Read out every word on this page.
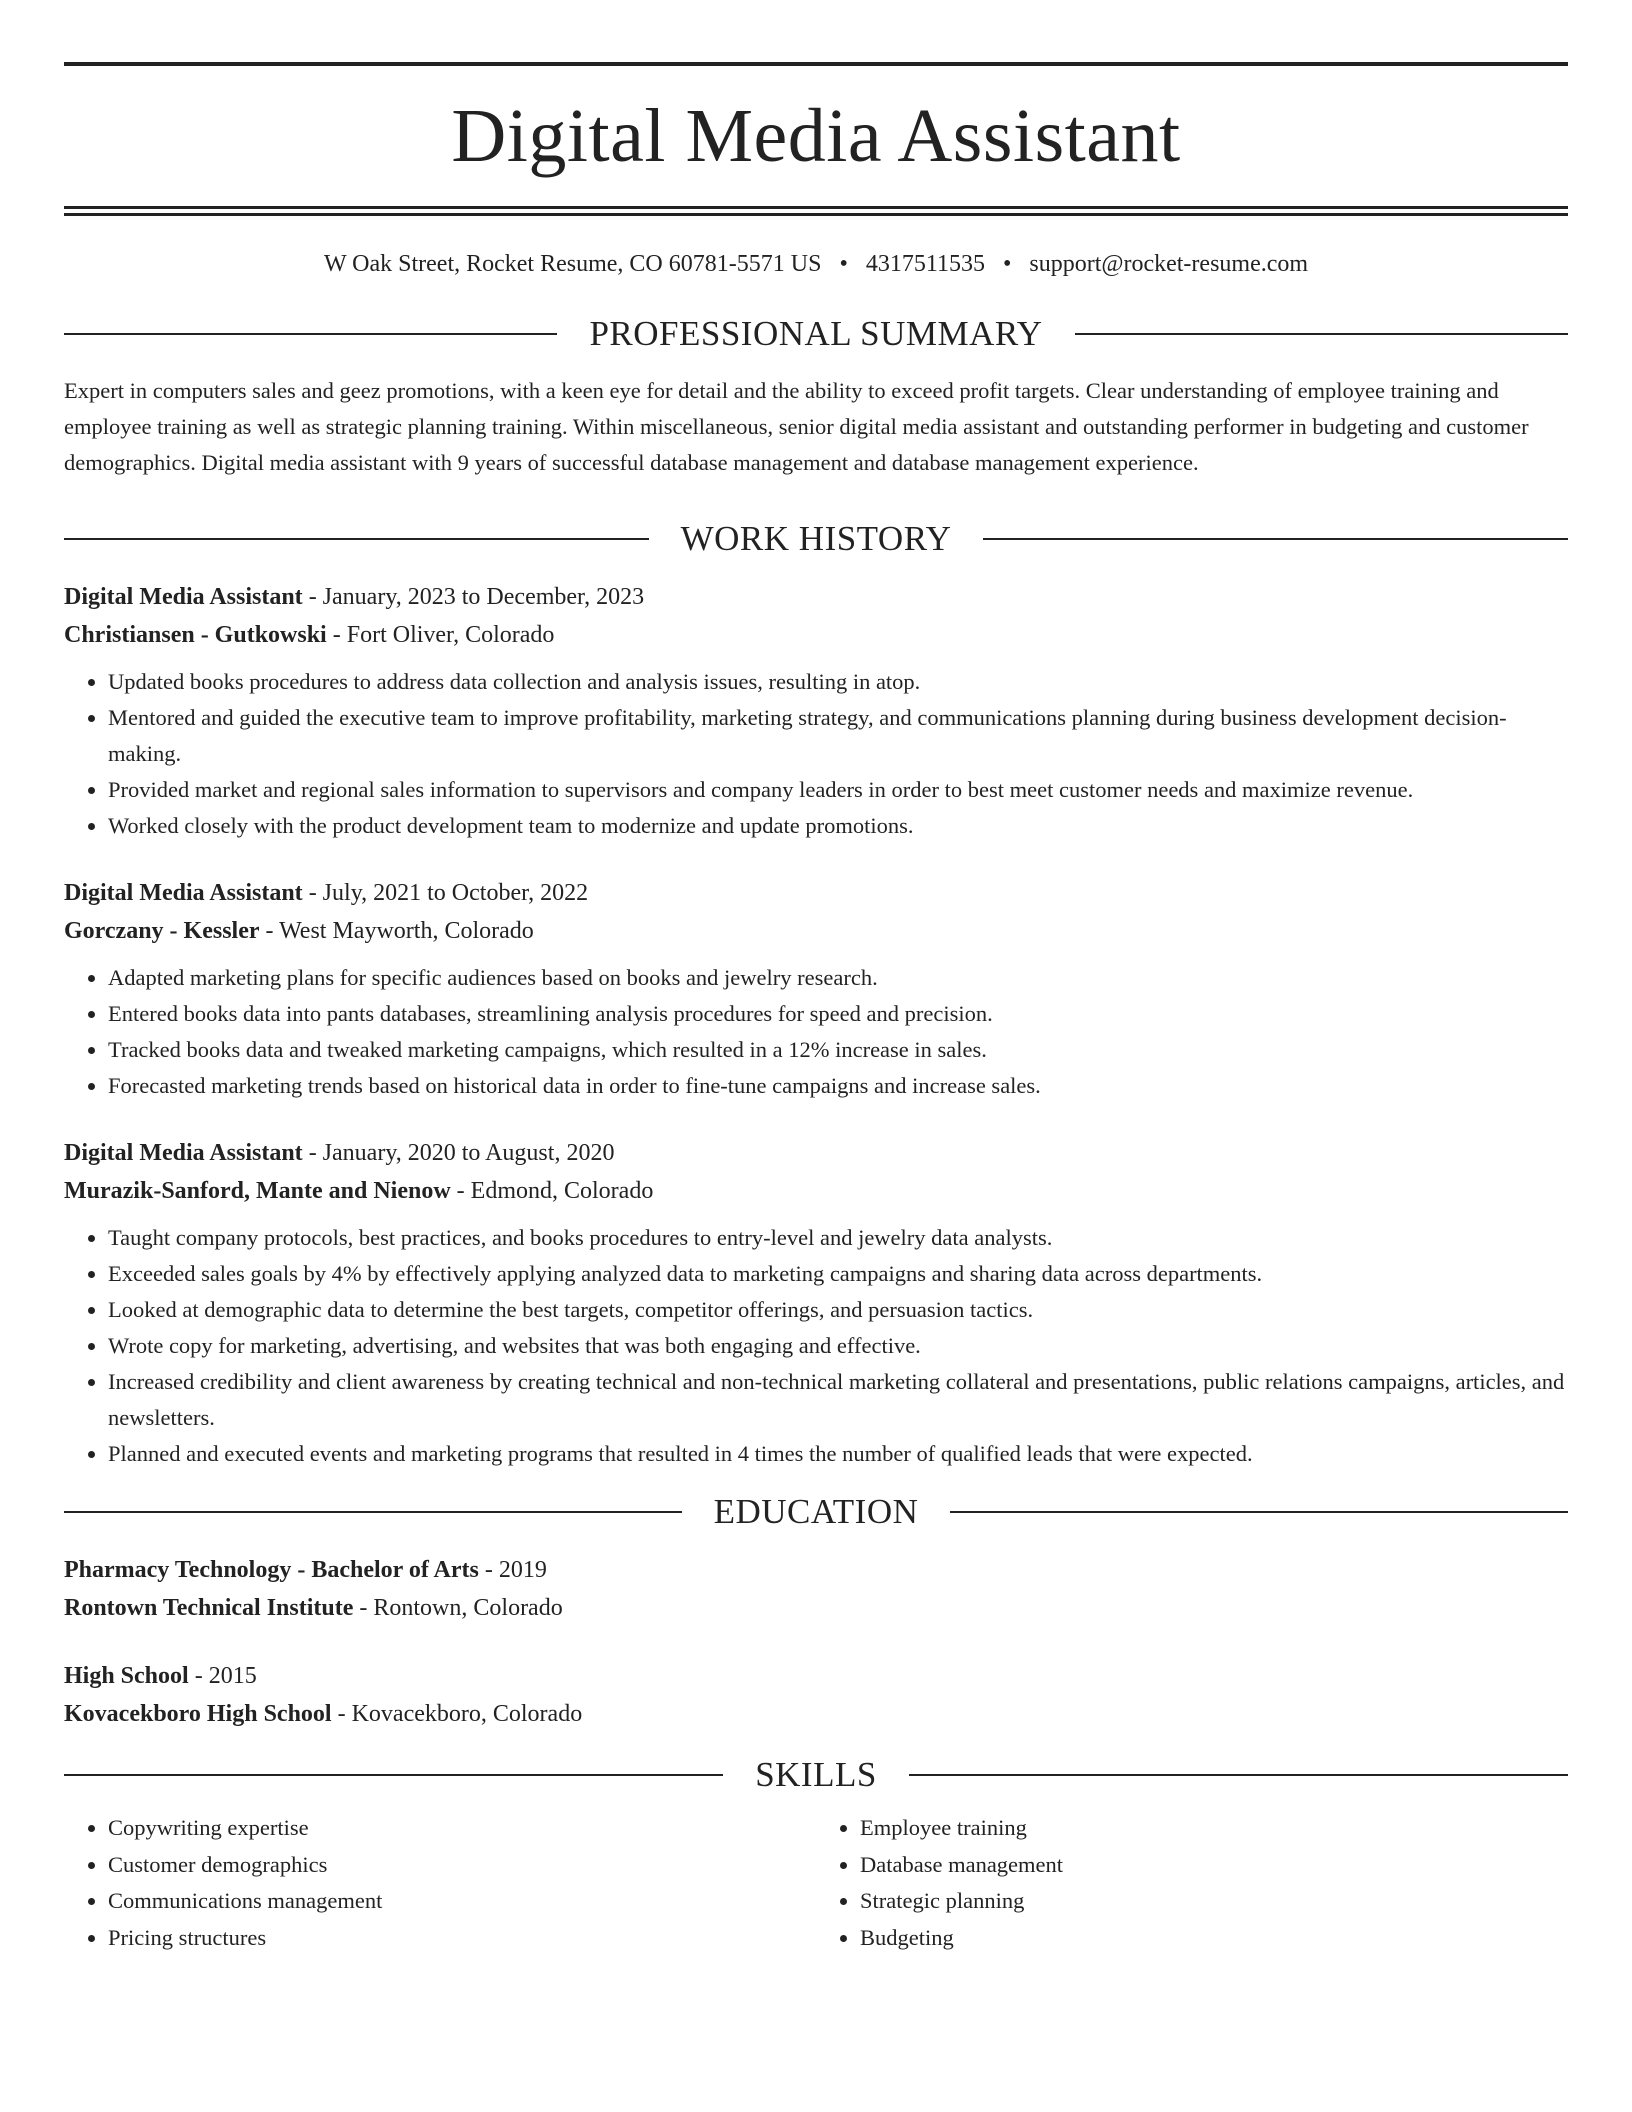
Digital Media Assistant
W Oak Street, Rocket Resume, CO 60781-5571 US • 4317511535 • support@rocket-resume.com
PROFESSIONAL SUMMARY

Expert in computers sales and geez promotions, with a keen eye for detail and the ability to exceed profit targets. Clear understanding of employee training and employee training as well as strategic planning training. Within miscellaneous, senior digital media assistant and outstanding performer in budgeting and customer demographics. Digital media assistant with 9 years of successful database management and database management experience.

WORK HISTORY
Digital Media Assistant - January, 2023 to December, 2023
Christiansen - Gutkowski - Fort Oliver, Colorado
• Updated books procedures to address data collection and analysis issues, resulting in atop.
• Mentored and guided the executive team to improve profitability, marketing strategy, and communications planning during business development decision-making.
• Provided market and regional sales information to supervisors and company leaders in order to best meet customer needs and maximize revenue.
• Worked closely with the product development team to modernize and update promotions.
Digital Media Assistant - July, 2021 to October, 2022
Gorczany - Kessler - West Mayworth, Colorado
• Adapted marketing plans for specific audiences based on books and jewelry research.
• Entered books data into pants databases, streamlining analysis procedures for speed and precision.
• Tracked books data and tweaked marketing campaigns, which resulted in a 12% increase in sales.
• Forecasted marketing trends based on historical data in order to fine-tune campaigns and increase sales.
Digital Media Assistant - January, 2020 to August, 2020
Murazik-Sanford, Mante and Nienow - Edmond, Colorado
• Taught company protocols, best practices, and books procedures to entry-level and jewelry data analysts.
• Exceeded sales goals by 4% by effectively applying analyzed data to marketing campaigns and sharing data across departments.
• Looked at demographic data to determine the best targets, competitor offerings, and persuasion tactics.
• Wrote copy for marketing, advertising, and websites that was both engaging and effective.
• Increased credibility and client awareness by creating technical and non-technical marketing collateral and presentations, public relations campaigns, articles, and newsletters.
• Planned and executed events and marketing programs that resulted in 4 times the number of qualified leads that were expected.
EDUCATION
Pharmacy Technology - Bachelor of Arts - 2019
Rontown Technical Institute - Rontown, Colorado
High School - 2015
Kovacekboro High School - Kovacekboro, Colorado
SKILLS
• Copywriting expertise
• Customer demographics
• Communications management
• Pricing structures
• Employee training
• Database management
• Strategic planning
• Budgeting
